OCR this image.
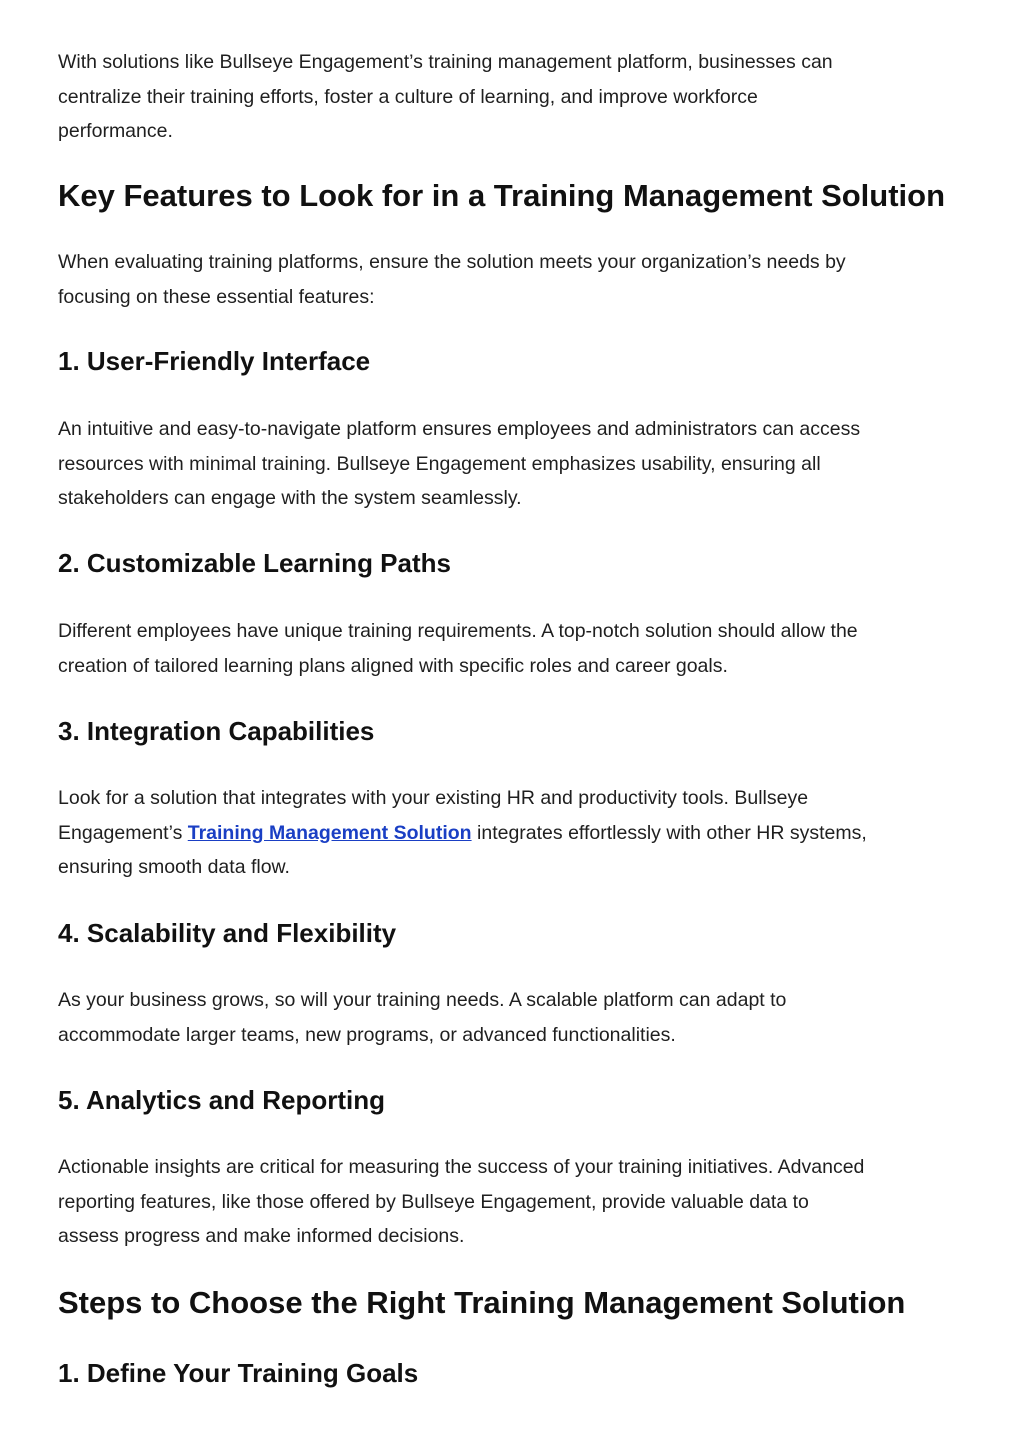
With solutions like Bullseye Engagement’s training management platform, businesses can
centralize their training efforts, foster a culture of learning, and improve workforce
performance.

Key Features to Look for in a Training Management Solution

When evaluating training platforms, ensure the solution meets your organization’s needs by
focusing on these essential features:

1. User-Friendly Interface

An intuitive and easy-to-navigate platform ensures employees and administrators can access
resources with minimal training. Bullseye Engagement emphasizes usability, ensuring all
stakeholders can engage with the system seamlessly.

2. Customizable Learning Paths

Different employees have unique training requirements. A top-notch solution should allow the
creation of tailored learning plans aligned with specific roles and career goals.

3. Integration Capabilities

Look for a solution that integrates with your existing HR and productivity tools. Bullseye
Engagement’s Training Management Solution integrates effortlessly with other HR systems,
ensuring smooth data flow.

4. Scalability and Flexibility

As your business grows, so will your training needs. A scalable platform can adapt to
accommodate larger teams, new programs, or advanced functionalities.

5. Analytics and Reporting

Actionable insights are critical for measuring the success of your training initiatives. Advanced
reporting features, like those offered by Bullseye Engagement, provide valuable data to
assess progress and make informed decisions.

Steps to Choose the Right Training Management Solution
1. Define Your Training Goals
